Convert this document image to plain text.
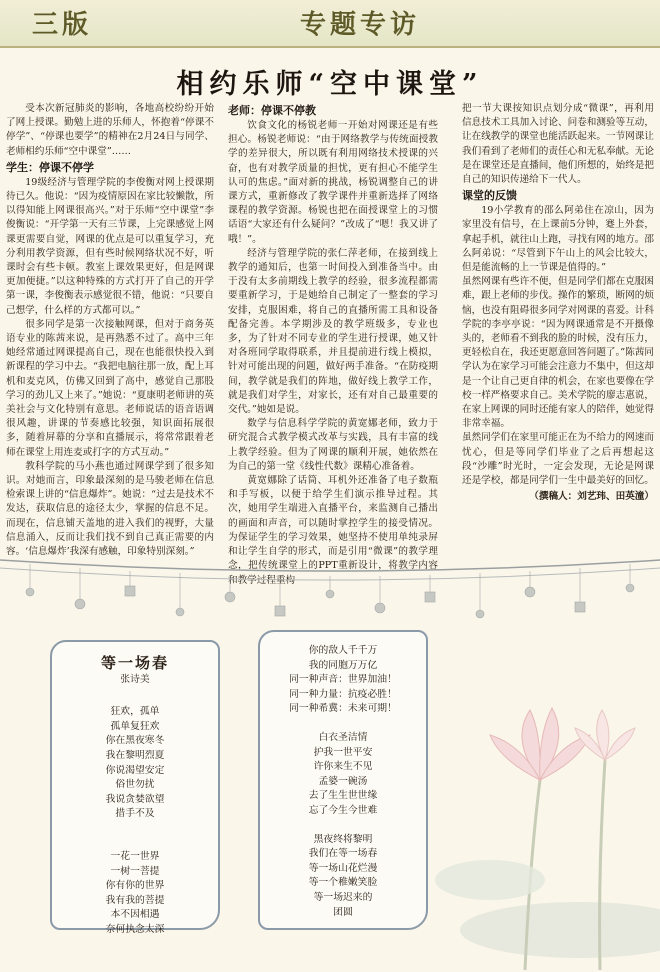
三版	专题专访
相约乐师“空中课堂”

受本次新冠肺炎的影响，各地高校纷纷开始了网上授课。勤勉上进的乐师人，怀抱着“停课不停学”、“停课也要学”的精神在2月24日与同学、老师相约乐师“空中课堂”……

学生：停课不停学

19级经济与管理学院的李俊衡对网上授课期待已久。他说：“因为疫情原因在家比较懒散，所以得知能上网课很高兴。”对于乐师“空中课堂”李俊衡说：“开学第一天有三节课，上完课感觉上网课更需要自觉，网课的优点是可以重复学习，充分利用教学资源，但有些时候网络状况不好，听课时会有些卡顿。教室上课效果更好，但是网课更加便捷。”以这种特殊的方式打开了自己的开学第一课，李俊衡表示感觉很不错，他说：“只要自己想学，什么样的方式都可以。”

很多同学是第一次接触网课，但对于商务英语专业的陈茜来说，是再熟悉不过了。高中三年她经常通过网课提高自己，现在也能很快投入到新课程的学习中去。“我把电脑往那一放，配上耳机和麦克风，仿佛又回到了高中，感觉自己那股学习的劲儿又上来了。”她说：“夏康明老师讲的英美社会与文化特别有意思。老师说话的语音语调很风趣，讲课的节奏感比较强，知识面拓展很多，随着屏幕的分享和直播展示，将常常跟着老师在课堂上用连麦或打字的方式互动。”

教科学院的马小燕也通过网课学到了很多知识。对她而言，印象最深刻的是马骏老师在信息检索课上讲的“信息爆炸”。她说：“过去是技术不发达，获取信息的途径太少，掌握的信息不足。而现在，信息铺天盖地的进入我们的视野，大量信息涌入，反而让我们找不到自己真正需要的内容。‘信息爆炸’我深有感触，印象特别深刻。”

老师：停课不停教

饮食文化的杨锐老师一开始对网课还是有些担心。杨锐老师说：“由于网络教学与传统面授教学的差异很大，所以既有利用网络技术授课的兴奋，也有对教学质量的担忧，更有担心不能学生认可的焦虑。”面对新的挑战，杨锐调整自己的讲课方式，重新修改了教学课件并重新选择了网络课程的教学资源。杨锐也把在面授课堂上的习惯话语“大家还有什么疑问？”改成了“嗯！我又讲了哦！”。

经济与管理学院的张仁萍老师，在接到线上教学的通知后，也第一时间投入到准备当中。由于没有太多前期线上教学的经验，很多流程都需要重新学习，于是她给自己制定了一整套的学习安排，克服困难，将自己的直播所需工具和设备配备完善。本学期涉及的教学班级多，专业也多，为了针对不同专业的学生进行授课，她又针对各班同学取得联系，并且提前进行线上模拟，针对可能出现的问题，做好两手准备。“在防疫期间，教学就是我们的阵地，做好线上教学工作，就是我们对学生，对家长，还有对自己最重要的交代。”她如是说。

数学与信息科学学院的黄宽娜老师，致力于研究混合式教学模式改革与实践，具有丰富的线上教学经验。但为了网课的顺利开展，她依然在为自己的第一堂《线性代数》课精心准备着。

黄宽娜除了话筒、耳机外还准备了电子数瓶和手写板，以便于给学生们演示推导过程。其次，她用学生端进入直播平台，来监测自己播出的画面和声音，可以随时掌控学生的接受情况。为保证学生的学习效果，她坚持不使用单纯录屏和让学生自学的形式，而是引用“微课”的教学理念，把传统课堂上的PPT重新设计，将教学内容和教学过程重构

把一节大课按知识点划分成“微课”，再利用信息技术工具加入讨论、问卷和测验等互动，让在线教学的课堂也能活跃起来。一节网课让我们看到了老师们的责任心和无私奉献。无论是在课堂还是直播间，他们所想的，始终是把自己的知识传递给下一代人。

课堂的反馈

19小学教育的邵么阿弟住在凉山，因为家里没有信号，在上课前5分钟，蹇上外套，拿起手机，就往山上跑，寻找有网的地方。邵么阿弟说：“尽管到下午山上的风会比较大，但是能流畅的上一节课是值得的。”

虽然网课有些许不便，但是同学们都在克服困难，跟上老师的步伐。操作的繁琐，断网的烦恼，也没有阻碍很多同学对网课的喜爱。计科学院的李亭亭说：“因为网课通常是不开摄像头的，老师看不到我的脸的时候，没有压力，更轻松自在，我还更愿意回答问题了。”陈茜同学认为在家学习可能会注意力不集中，但这却是一个让自己更自律的机会，在家也要像在学校一样严格要求自己。美术学院的廖志惠说，在家上网课的同时还能有家人的陪伴，她觉得非常幸福。

虽然同学们在家里可能正在为不给力的网速而忧心，但是等同学们毕业了之后再想起这段“沙雕”时光时，一定会发现，无论是网课还是学校，都是同学们一生中最美好的回忆。

（撰稿人：刘艺玮、田英潼）
等一场春
张诗美
狂欢，孤单
孤单复狂欢
你在黑夜寒冬
我在黎明烈夏
你说渴望安定
俗世勿扰
我说贪婪欲望
措手不及
一花一世界
一树一菩提
你有你的世界
我有我的菩提
本不因相遇
奈何执念太深
你的敌人千千万
我的同胞万万亿
同一种声音：世界加油！
同一种力量：抗疫必胜！
同一种希冀：未来可期！
白衣圣洁情
护我一世平安
许你来生不见
孟婆一碗汤
去了生生世世缘
忘了今生今世难
黑夜终将黎明
我们在等一场春
等一场山花烂漫
等一个稚嫩笑脸
等一场迟来的
团圆
